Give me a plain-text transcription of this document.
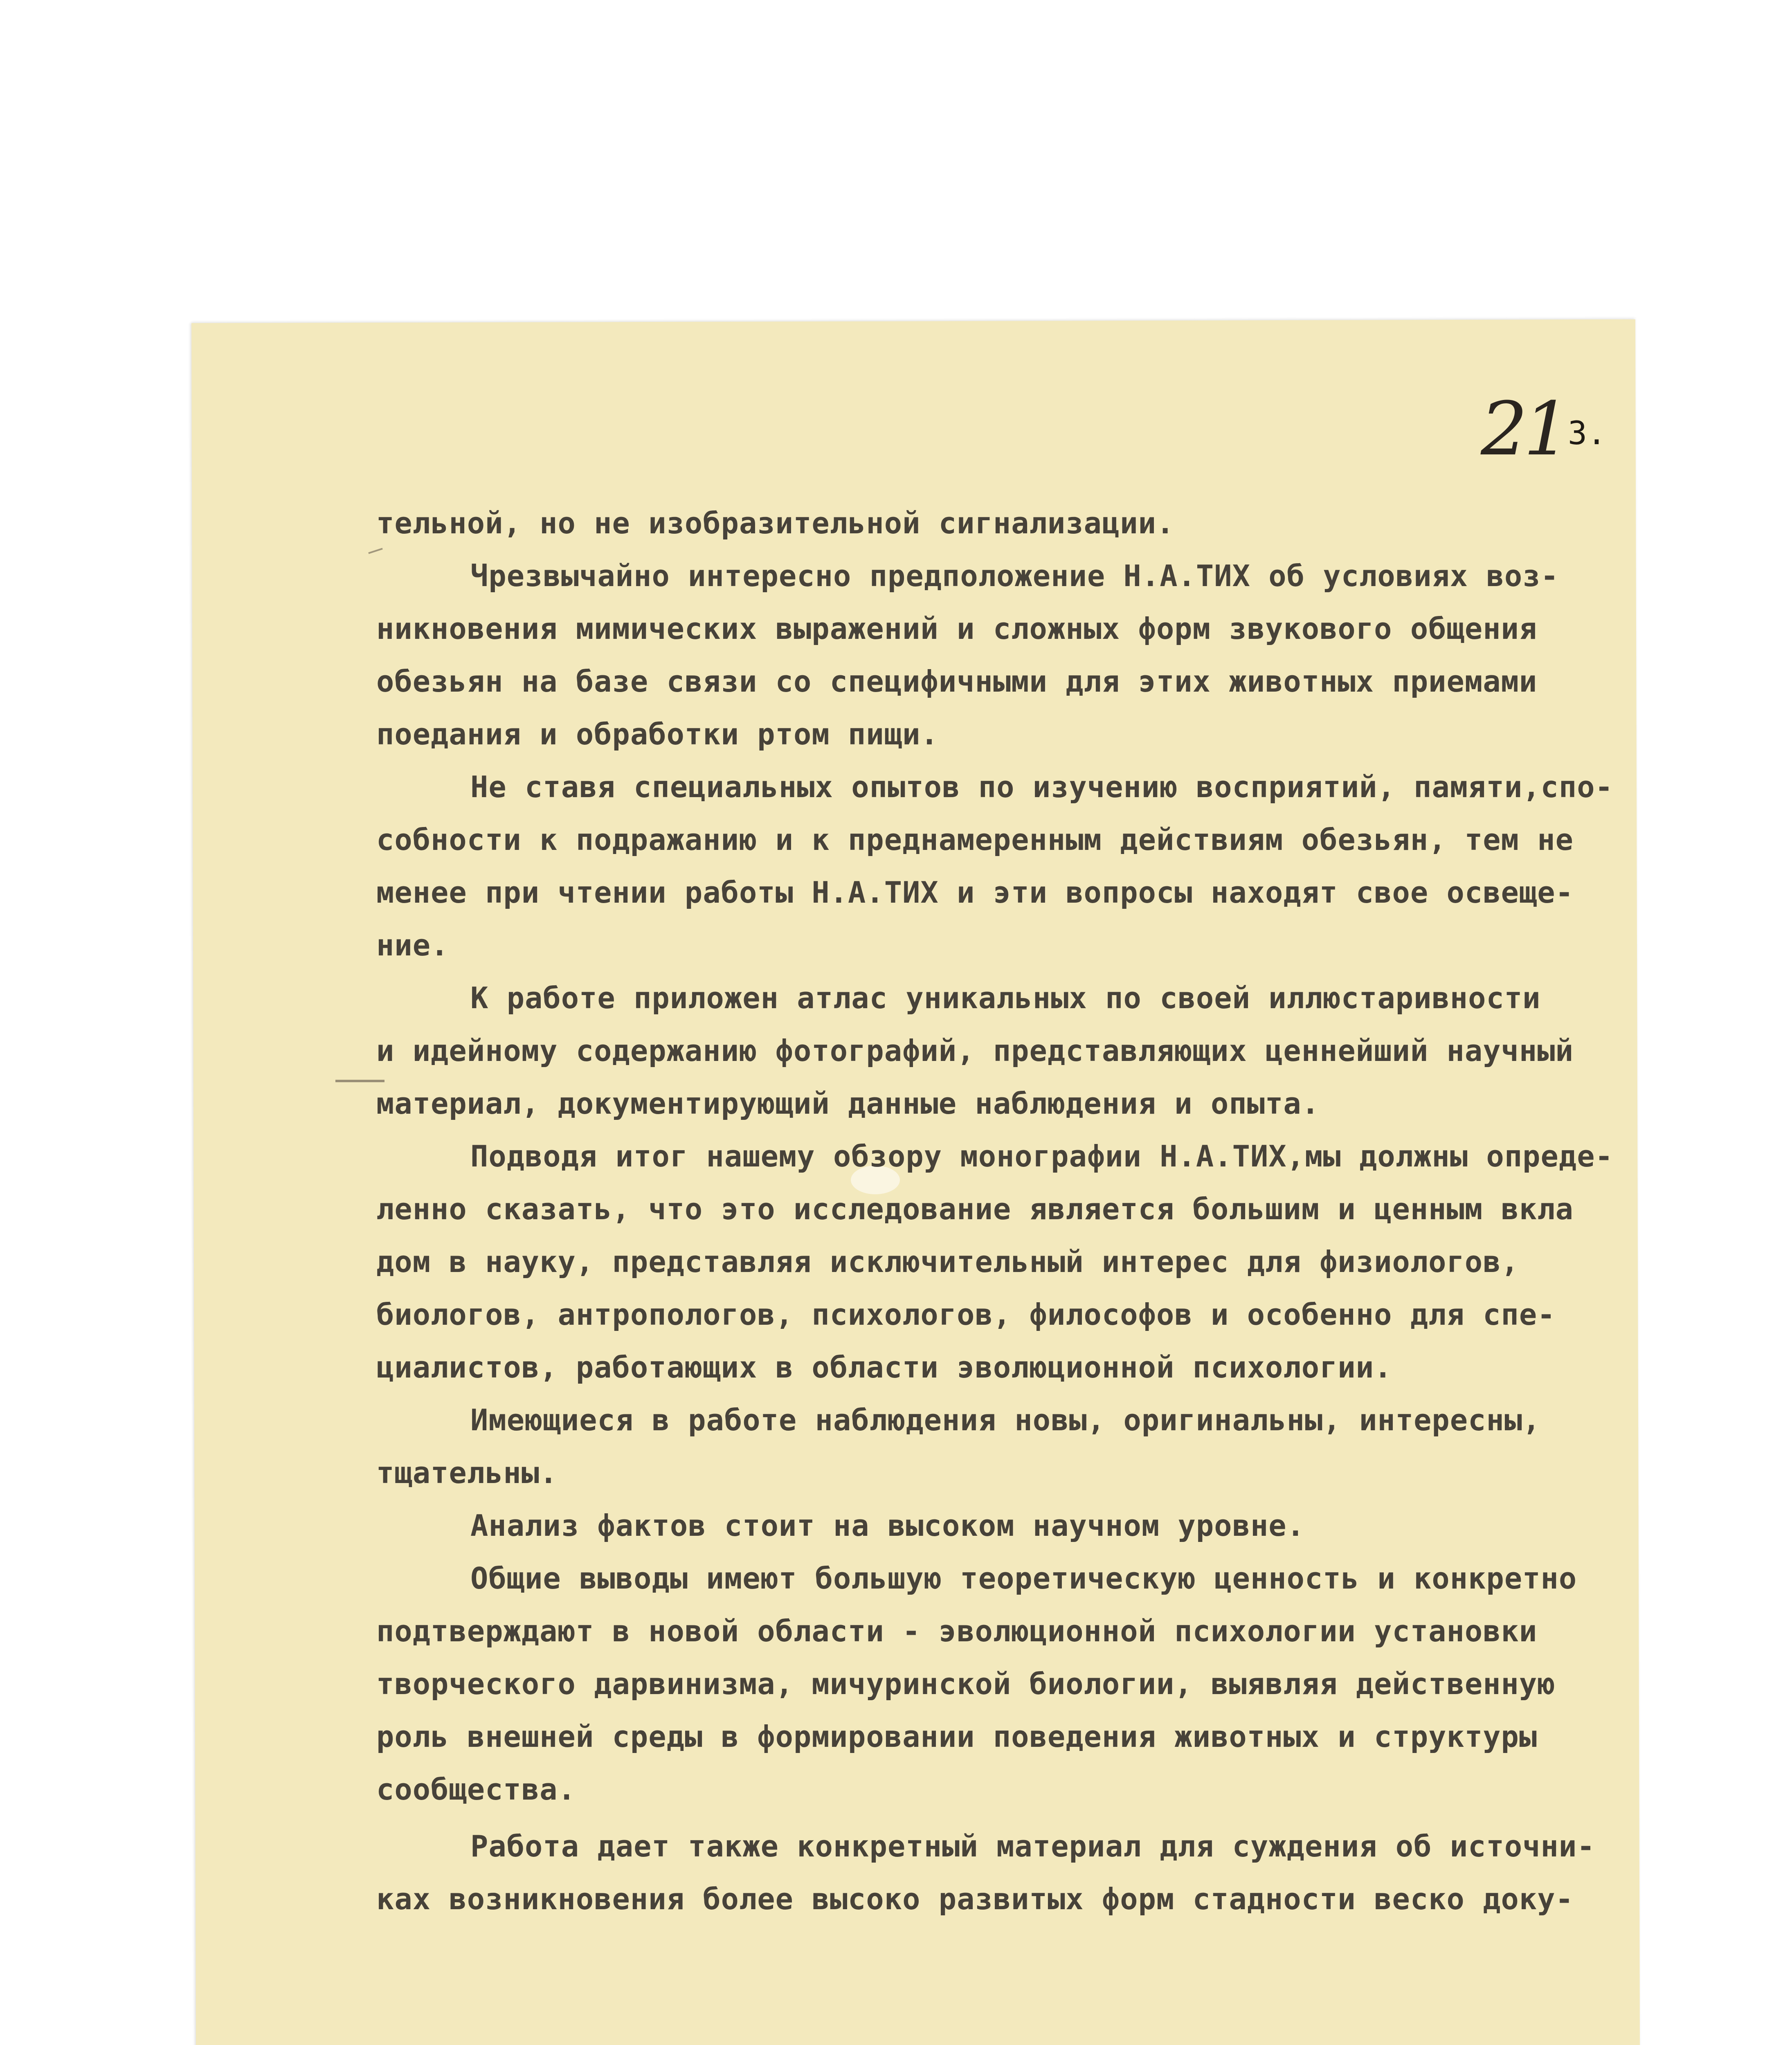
21 3.
тельной, но не изобразительной сигнализации.
Чрезвычайно интересно предположение Н.А.ТИХ об условиях воз-
никновения мимических выражений и сложных форм звукового общения
обезьян на базе связи со специфичными для этих животных приемами
поедания и обработки ртом пищи.
Не ставя специальных опытов по изучению восприятий, памяти,спо-
собности к подражанию и к преднамеренным действиям обезьян, тем не
менее при чтении работы Н.А.ТИХ и эти вопросы находят свое освеще-
ние.
К работе приложен атлас уникальных по своей иллюстаривности
и идейному содержанию фотографий, представляющих ценнейший научный
материал, документирующий данные наблюдения и опыта.
Подводя итог нашему обзору монографии Н.А.ТИХ,мы должны опреде-
ленно сказать, что это исследование является большим и ценным вкла
дом в науку, представляя исключительный интерес для физиологов,
биологов, антропологов, психологов, философов и особенно для спе-
циалистов, работающих в области эволюционной психологии.
Имеющиеся в работе наблюдения новы, оригинальны, интересны,
тщательны.
Анализ фактов стоит на высоком научном уровне.
Общие выводы имеют большую теоретическую ценность и конкретно
подтверждают в новой области - эволюционной психологии установки
творческого дарвинизма, мичуринской биологии, выявляя действенную
роль внешней среды в формировании поведения животных и структуры
сообщества.
Работа дает также конкретный материал для суждения об источни-
ках возникновения более высоко развитых форм стадности веско доку-
